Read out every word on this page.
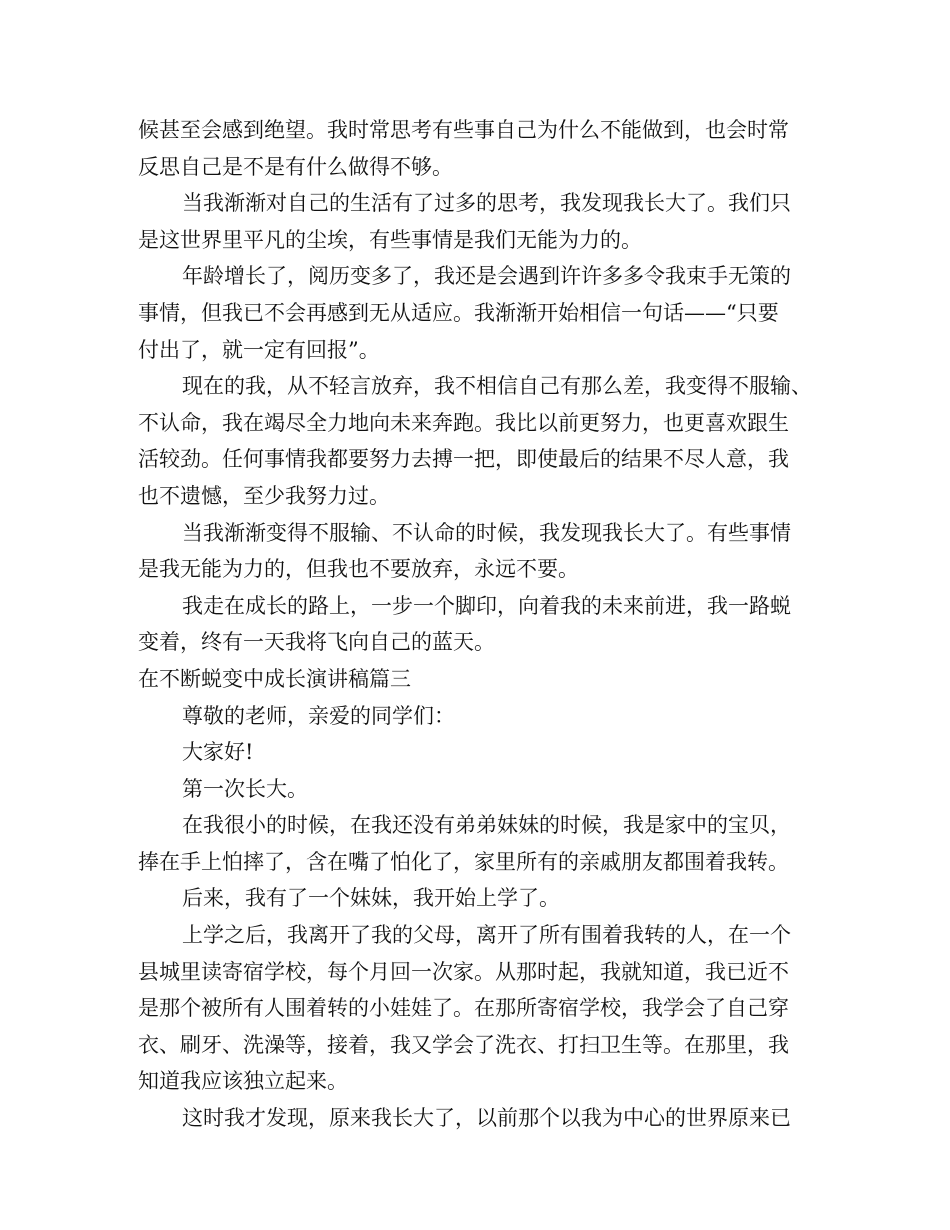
候甚至会感到绝望。我时常思考有些事自己为什么不能做到，也会时常
反思自己是不是有什么做得不够。
当我渐渐对自己的生活有了过多的思考，我发现我长大了。我们只
是这世界里平凡的尘埃，有些事情是我们无能为力的。
年龄增长了，阅历变多了，我还是会遇到许许多多令我束手无策的
事情，但我已不会再感到无从适应。我渐渐开始相信一句话——“只要
付出了，就一定有回报”。
现在的我，从不轻言放弃，我不相信自己有那么差，我变得不服输、
不认命，我在竭尽全力地向未来奔跑。我比以前更努力，也更喜欢跟生
活较劲。任何事情我都要努力去搏一把，即使最后的结果不尽人意，我
也不遗憾，至少我努力过。
当我渐渐变得不服输、不认命的时候，我发现我长大了。有些事情
是我无能为力的，但我也不要放弃，永远不要。
我走在成长的路上，一步一个脚印，向着我的未来前进，我一路蜕
变着，终有一天我将飞向自己的蓝天。
在不断蜕变中成长演讲稿篇三
尊敬的老师，亲爱的同学们：
大家好!
第一次长大。
在我很小的时候，在我还没有弟弟妹妹的时候，我是家中的宝贝，
捧在手上怕摔了，含在嘴了怕化了，家里所有的亲戚朋友都围着我转。
后来，我有了一个妹妹，我开始上学了。
上学之后，我离开了我的父母，离开了所有围着我转的人，在一个
县城里读寄宿学校，每个月回一次家。从那时起，我就知道，我已近不
是那个被所有人围着转的小娃娃了。在那所寄宿学校，我学会了自己穿
衣、刷牙、洗澡等，接着，我又学会了洗衣、打扫卫生等。在那里，我
知道我应该独立起来。
这时我才发现，原来我长大了，以前那个以我为中心的世界原来已
